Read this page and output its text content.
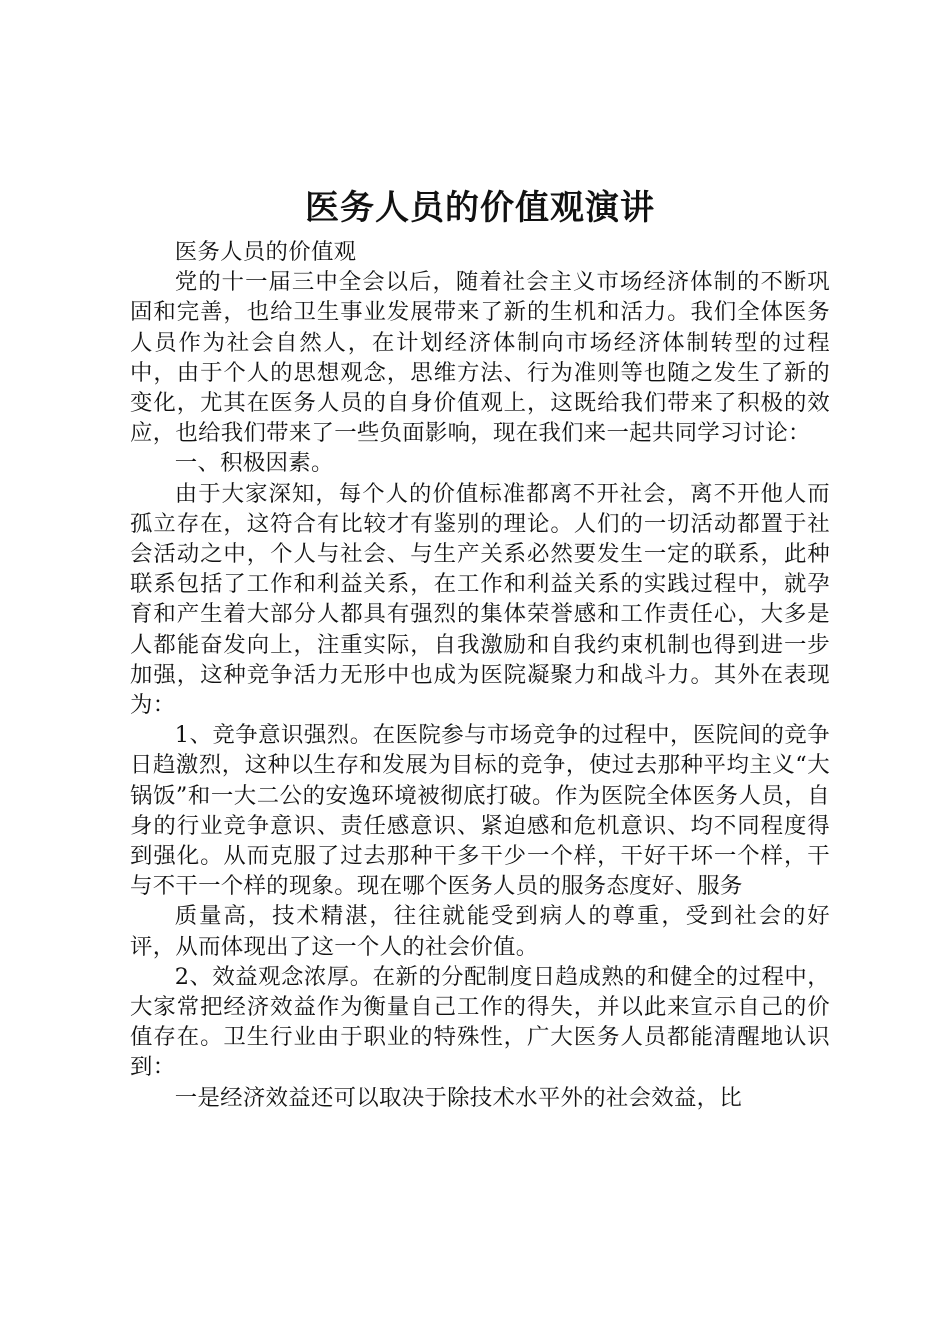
医务人员的价值观演讲

医务人员的价值观

党的十一届三中全会以后，随着社会主义市场经济体制的不断巩固和完善，也给卫生事业发展带来了新的生机和活力。我们全体医务人员作为社会自然人，在计划经济体制向市场经济体制转型的过程中，由于个人的思想观念，思维方法、行为准则等也随之发生了新的变化，尤其在医务人员的自身价值观上，这既给我们带来了积极的效应，也给我们带来了一些负面影响，现在我们来一起共同学习讨论：

一、积极因素。

由于大家深知，每个人的价值标准都离不开社会，离不开他人而孤立存在，这符合有比较才有鉴别的理论。人们的一切活动都置于社会活动之中，个人与社会、与生产关系必然要发生一定的联系，此种联系包括了工作和利益关系，在工作和利益关系的实践过程中，就孕育和产生着大部分人都具有强烈的集体荣誉感和工作责任心，大多是人都能奋发向上，注重实际，自我激励和自我约束机制也得到进一步加强，这种竞争活力无形中也成为医院凝聚力和战斗力。其外在表现为：

1、竞争意识强烈。在医院参与市场竞争的过程中，医院间的竞争日趋激烈，这种以生存和发展为目标的竞争，使过去那种平均主义“大锅饭”和一大二公的安逸环境被彻底打破。作为医院全体医务人员，自身的行业竞争意识、责任感意识、紧迫感和危机意识、均不同程度得到强化。从而克服了过去那种干多干少一个样，干好干坏一个样，干与不干一个样的现象。现在哪个医务人员的服务态度好、服务

质量高，技术精湛，往往就能受到病人的尊重，受到社会的好评，从而体现出了这一个人的社会价值。

2、效益观念浓厚。在新的分配制度日趋成熟的和健全的过程中，大家常把经济效益作为衡量自己工作的得失，并以此来宣示自己的价值存在。卫生行业由于职业的特殊性，广大医务人员都能清醒地认识到：

一是经济效益还可以取决于除技术水平外的社会效益，比
